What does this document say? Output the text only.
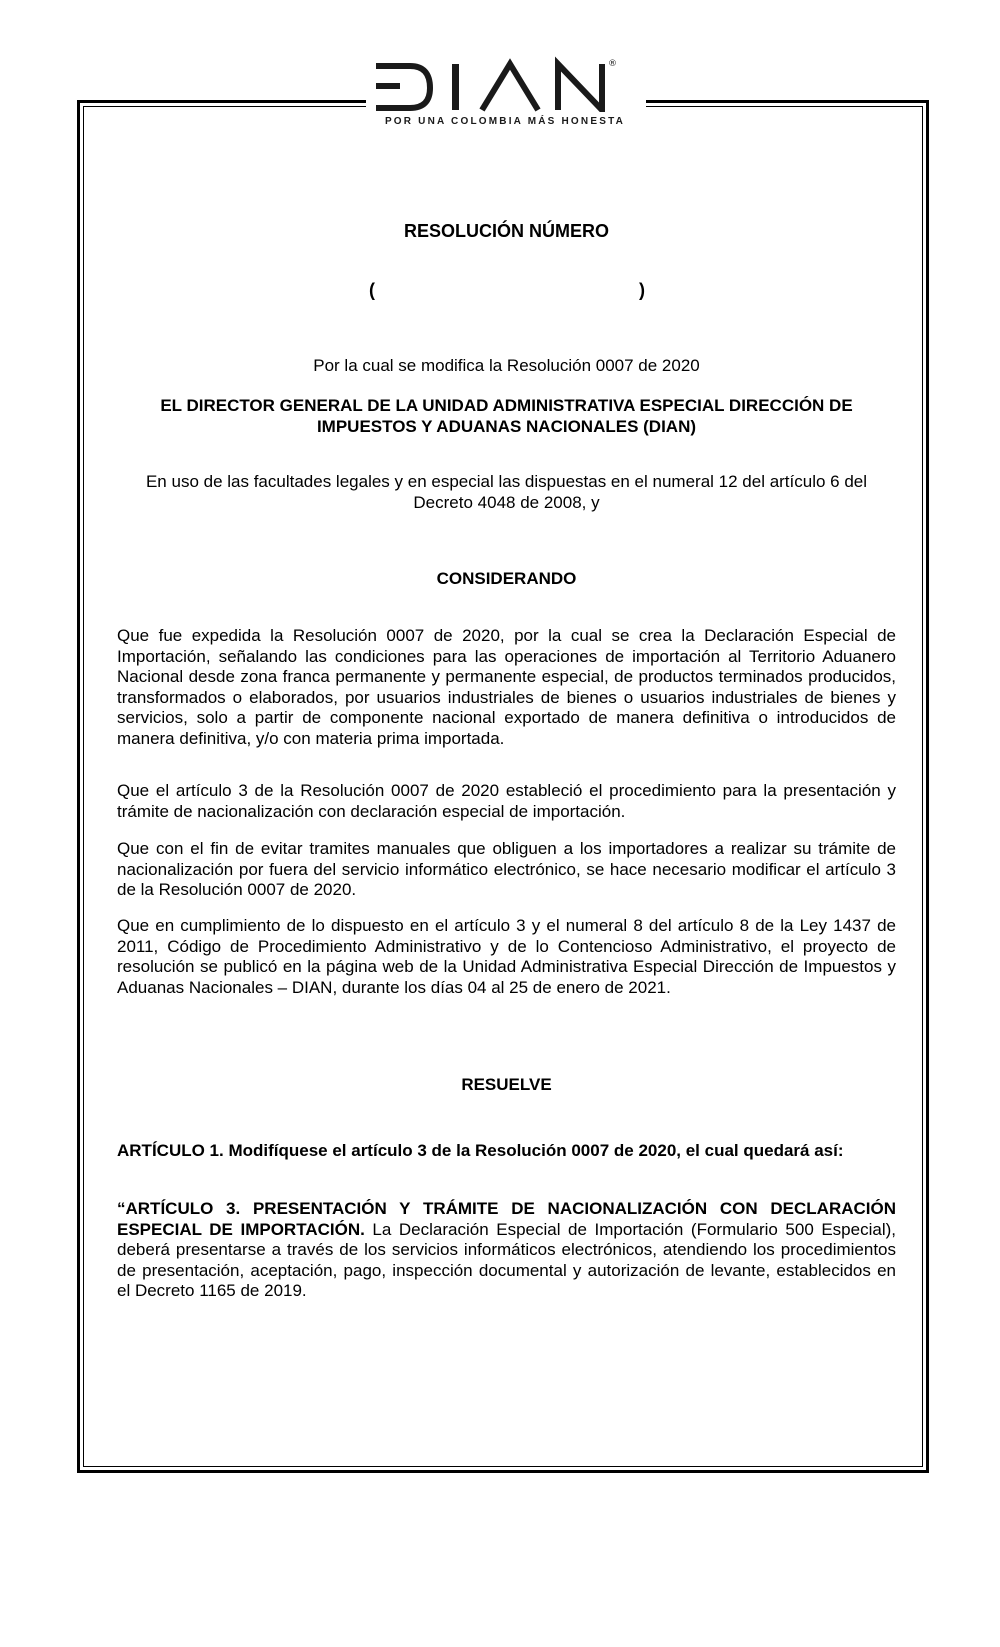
®
POR UNA COLOMBIA MÁS HONESTA
RESOLUCIÓN NÚMERO
(	)
Por la cual se modifica la Resolución 0007 de 2020
EL DIRECTOR GENERAL DE LA UNIDAD ADMINISTRATIVA ESPECIAL DIRECCIÓN DE IMPUESTOS Y ADUANAS NACIONALES (DIAN)
En uso de las facultades legales y en especial las dispuestas en el numeral 12 del artículo 6 del Decreto 4048 de 2008, y
CONSIDERANDO

Que fue expedida la Resolución 0007 de 2020, por la cual se crea la Declaración Especial de Importación, señalando las condiciones para las operaciones de importación al Territorio Aduanero Nacional desde zona franca permanente y permanente especial, de productos terminados producidos, transformados o elaborados, por usuarios industriales de bienes o usuarios industriales de bienes y servicios, solo a partir de componente nacional exportado de manera definitiva o introducidos de manera definitiva, y/o con materia prima importada.

Que el artículo 3 de la Resolución 0007 de 2020 estableció el procedimiento para la presentación y trámite de nacionalización con declaración especial de importación.

Que con el fin de evitar tramites manuales que obliguen a los importadores a realizar su trámite de nacionalización por fuera del servicio informático electrónico, se hace necesario modificar el artículo 3 de la Resolución 0007 de 2020.

Que en cumplimiento de lo dispuesto en el artículo 3 y el numeral 8 del artículo 8 de la Ley 1437 de 2011, Código de Procedimiento Administrativo y de lo Contencioso Administrativo, el proyecto de resolución se publicó en la página web de la Unidad Administrativa Especial Dirección de Impuestos y Aduanas Nacionales – DIAN, durante los días 04 al 25 de enero de 2021.

RESUELVE

ARTÍCULO 1. Modifíquese el artículo 3 de la Resolución 0007 de 2020, el cual quedará así:

“ARTÍCULO 3. PRESENTACIÓN Y TRÁMITE DE NACIONALIZACIÓN CON DECLARACIÓN ESPECIAL DE IMPORTACIÓN. La Declaración Especial de Importación (Formulario 500 Especial), deberá presentarse a través de los servicios informáticos electrónicos, atendiendo los procedimientos de presentación, aceptación, pago, inspección documental y autorización de levante, establecidos en el Decreto 1165 de 2019.
